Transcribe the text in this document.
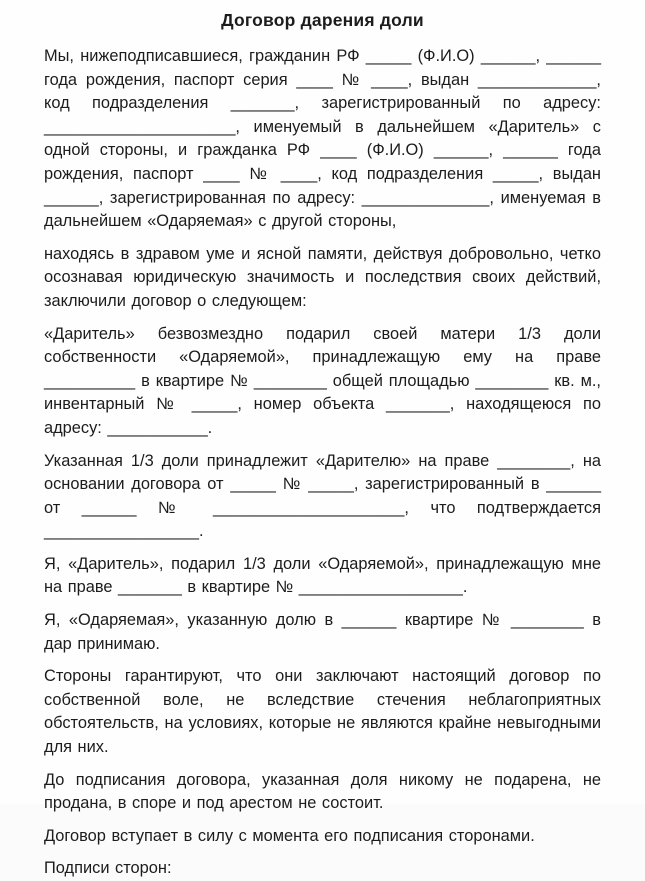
Договор дарения доли

Мы, нижеподписавшиеся, гражданин РФ _____ (Ф.И.О) ______, ______ года рождения, паспорт серия ____ № ____, выдан _____________, код подразделения _______, зарегистрированный по адресу: _____________________, именуемый в дальнейшем «Даритель» с одной стороны, и гражданка РФ ____ (Ф.И.О) ______, ______ года рождения, паспорт ____ № ____, код подразделения _____, выдан ______, зарегистрированная по адресу: ______________, именуемая в дальнейшем «Одаряемая» с другой стороны,

находясь в здравом уме и ясной памяти, действуя добровольно, четко осознавая юридическую значимость и последствия своих действий, заключили договор о следующем:

«Даритель» безвозмездно подарил своей матери 1/3 доли собственности «Одаряемой», принадлежащую ему на праве __________ в квартире № ________ общей площадью ________ кв. м., инвентарный № _____, номер объекта _______, находящеюся по адресу: ___________.

Указанная 1/3 доли принадлежит «Дарителю» на праве ________, на основании договора от _____ № _____, зарегистрированный в ______ от ______ № _____________________, что подтверждается _________________.

Я, «Даритель», подарил 1/3 доли «Одаряемой», принадлежащую мне на праве _______ в квартире № __________________.

Я, «Одаряемая», указанную долю в ______ квартире № ________ в дар принимаю.

Стороны гарантируют, что они заключают настоящий договор по собственной воле, не вследствие стечения неблагоприятных обстоятельств, на условиях, которые не являются крайне невыгодными для них.

До подписания договора, указанная доля никому не подарена, не продана, в споре и под арестом не состоит.

Договор вступает в силу с момента его подписания сторонами.

Подписи сторон:
